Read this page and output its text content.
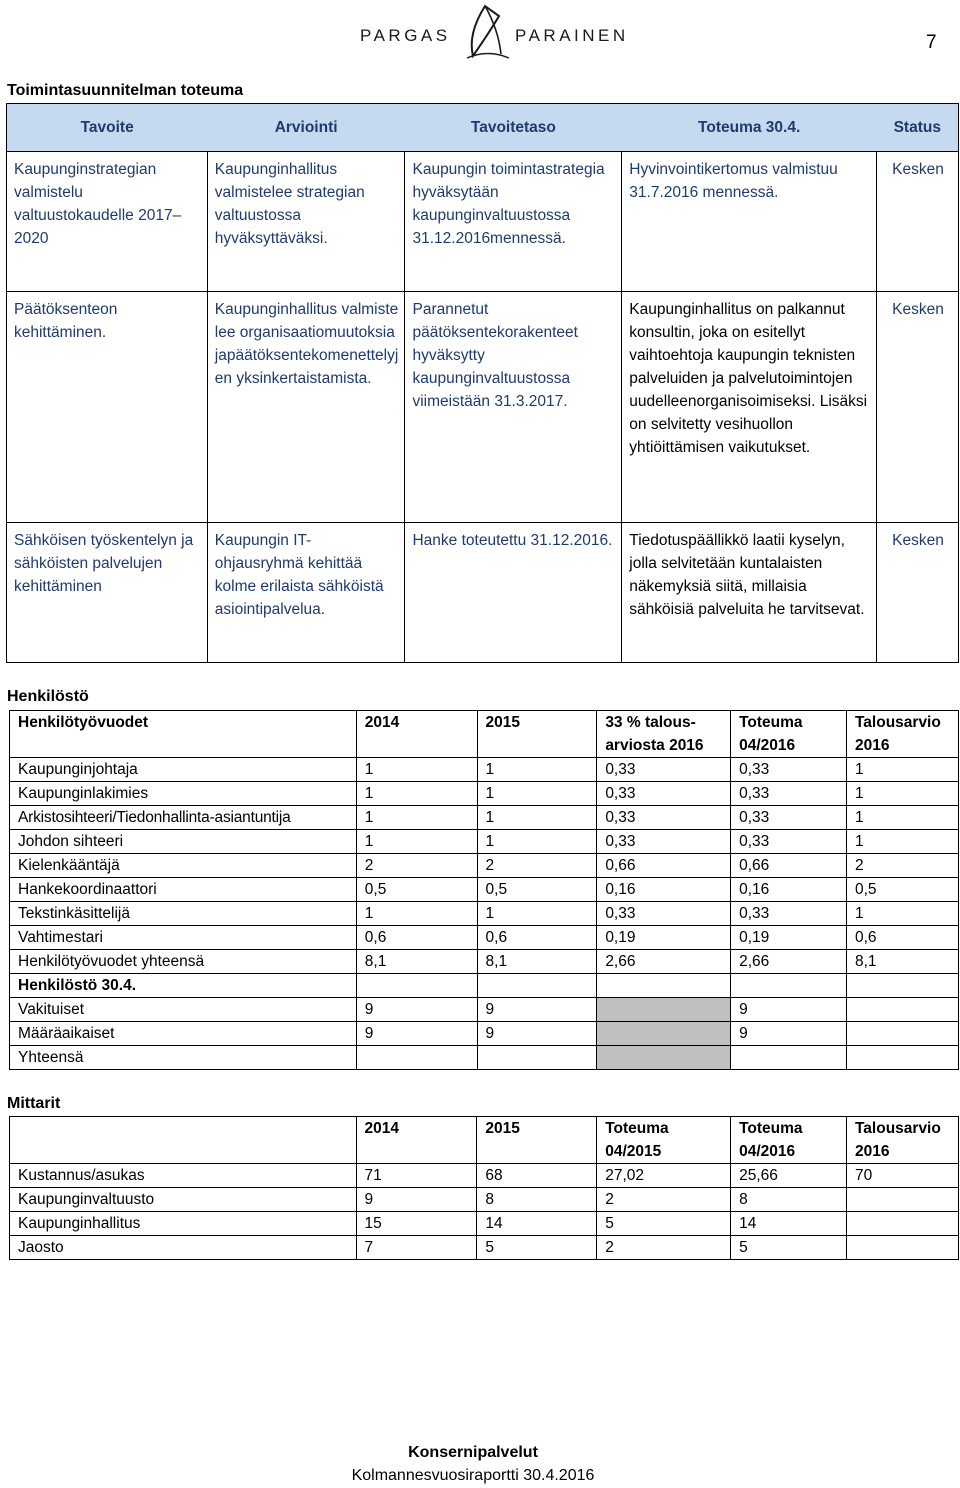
PARGAS	PARAINEN	7
Toimintasuunnitelman toteuma
Tavoite	Arviointi	Tavoitetaso	Toteuma 30.4.	Status
Kaupunginstrategian valmistelu valtuustokaudelle 2017–2020	Kaupunginhallitus valmistelee strategian valtuustossa hyväksyttäväksi.	Kaupungin toimintastrategia hyväksytään kaupunginvaltuustossa 31.12.2016mennessä.	Hyvinvointikertomus valmistuu 31.7.2016 mennessä.	Kesken
Päätöksenteon kehittäminen.	Kaupunginhallitus valmistelee organisaatiomuutoksia japäätöksentekomenettelyjen yksinkertaistamista.	Parannetut päätöksentekorakenteet hyväksytty kaupunginvaltuustossa viimeistään 31.3.2017.	Kaupunginhallitus on palkannut konsultin, joka on esitellyt vaihtoehtoja kaupungin teknisten palveluiden ja palvelutoimintojen uudelleenorganisoimiseksi. Lisäksi on selvitetty vesihuollon yhtiöittämisen vaikutukset.	Kesken
Sähköisen työskentelyn ja sähköisten palvelujen kehittäminen	Kaupungin IT-ohjausryhmä kehittää kolme erilaista sähköistä asiointipalvelua.	Hanke toteutettu 31.12.2016.	Tiedotuspäällikkö laatii kyselyn, jolla selvitetään kuntalaisten näkemyksiä siitä, millaisia sähköisiä palveluita he tarvitsevat.	Kesken
Henkilöstö
Henkilötyövuodet	2014	2015	33 % talous-arviosta 2016	Toteuma 04/2016	Talousarvio 2016
Kaupunginjohtaja	1	1	0,33	0,33	1
Kaupunginlakimies	1	1	0,33	0,33	1
Arkistosihteeri/Tiedonhallinta-asiantuntija	1	1	0,33	0,33	1
Johdon sihteeri	1	1	0,33	0,33	1
Kielenkääntäjä	2	2	0,66	0,66	2
Hankekoordinaattori	0,5	0,5	0,16	0,16	0,5
Tekstinkäsittelijä	1	1	0,33	0,33	1
Vahtimestari	0,6	0,6	0,19	0,19	0,6
Henkilötyövuodet yhteensä	8,1	8,1	2,66	2,66	8,1
Henkilöstö 30.4.					
Vakituiset	9	9		9	
Määräaikaiset	9	9		9	
Yhteensä					
Mittarit
	2014	2015	Toteuma 04/2015	Toteuma 04/2016	Talousarvio 2016
Kustannus/asukas	71	68	27,02	25,66	70
Kaupunginvaltuusto	9	8	2	8	
Kaupunginhallitus	15	14	5	14	
Jaosto	7	5	2	5	
Konsernipalvelut
Kolmannesvuosiraportti 30.4.2016
